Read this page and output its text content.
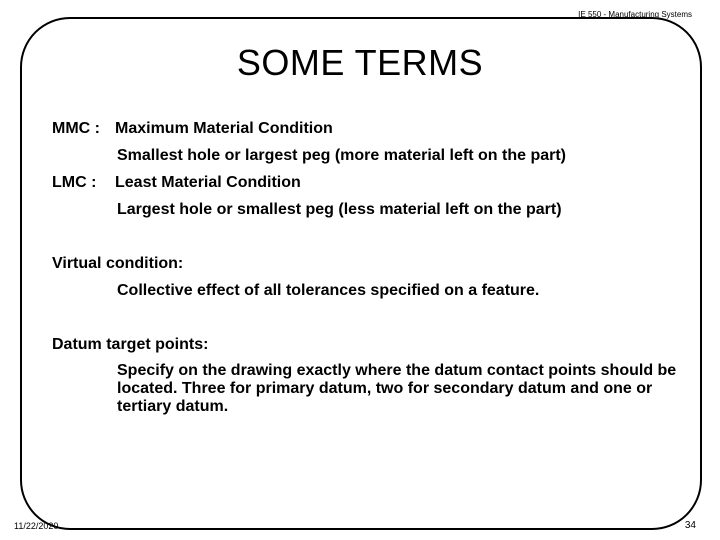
IE 550 - Manufacturing Systems
SOME TERMS
MMC : Maximum Material Condition
Smallest hole or largest peg (more material left on the part)
LMC : Least Material Condition
Largest hole or smallest peg (less material left on the part)
Virtual condition:
Collective effect of all tolerances specified on a feature.
Datum target points:
Specify on the drawing exactly where the datum contact points should be located. Three for primary datum, two for secondary datum and one or tertiary datum.
11/22/2020	34
